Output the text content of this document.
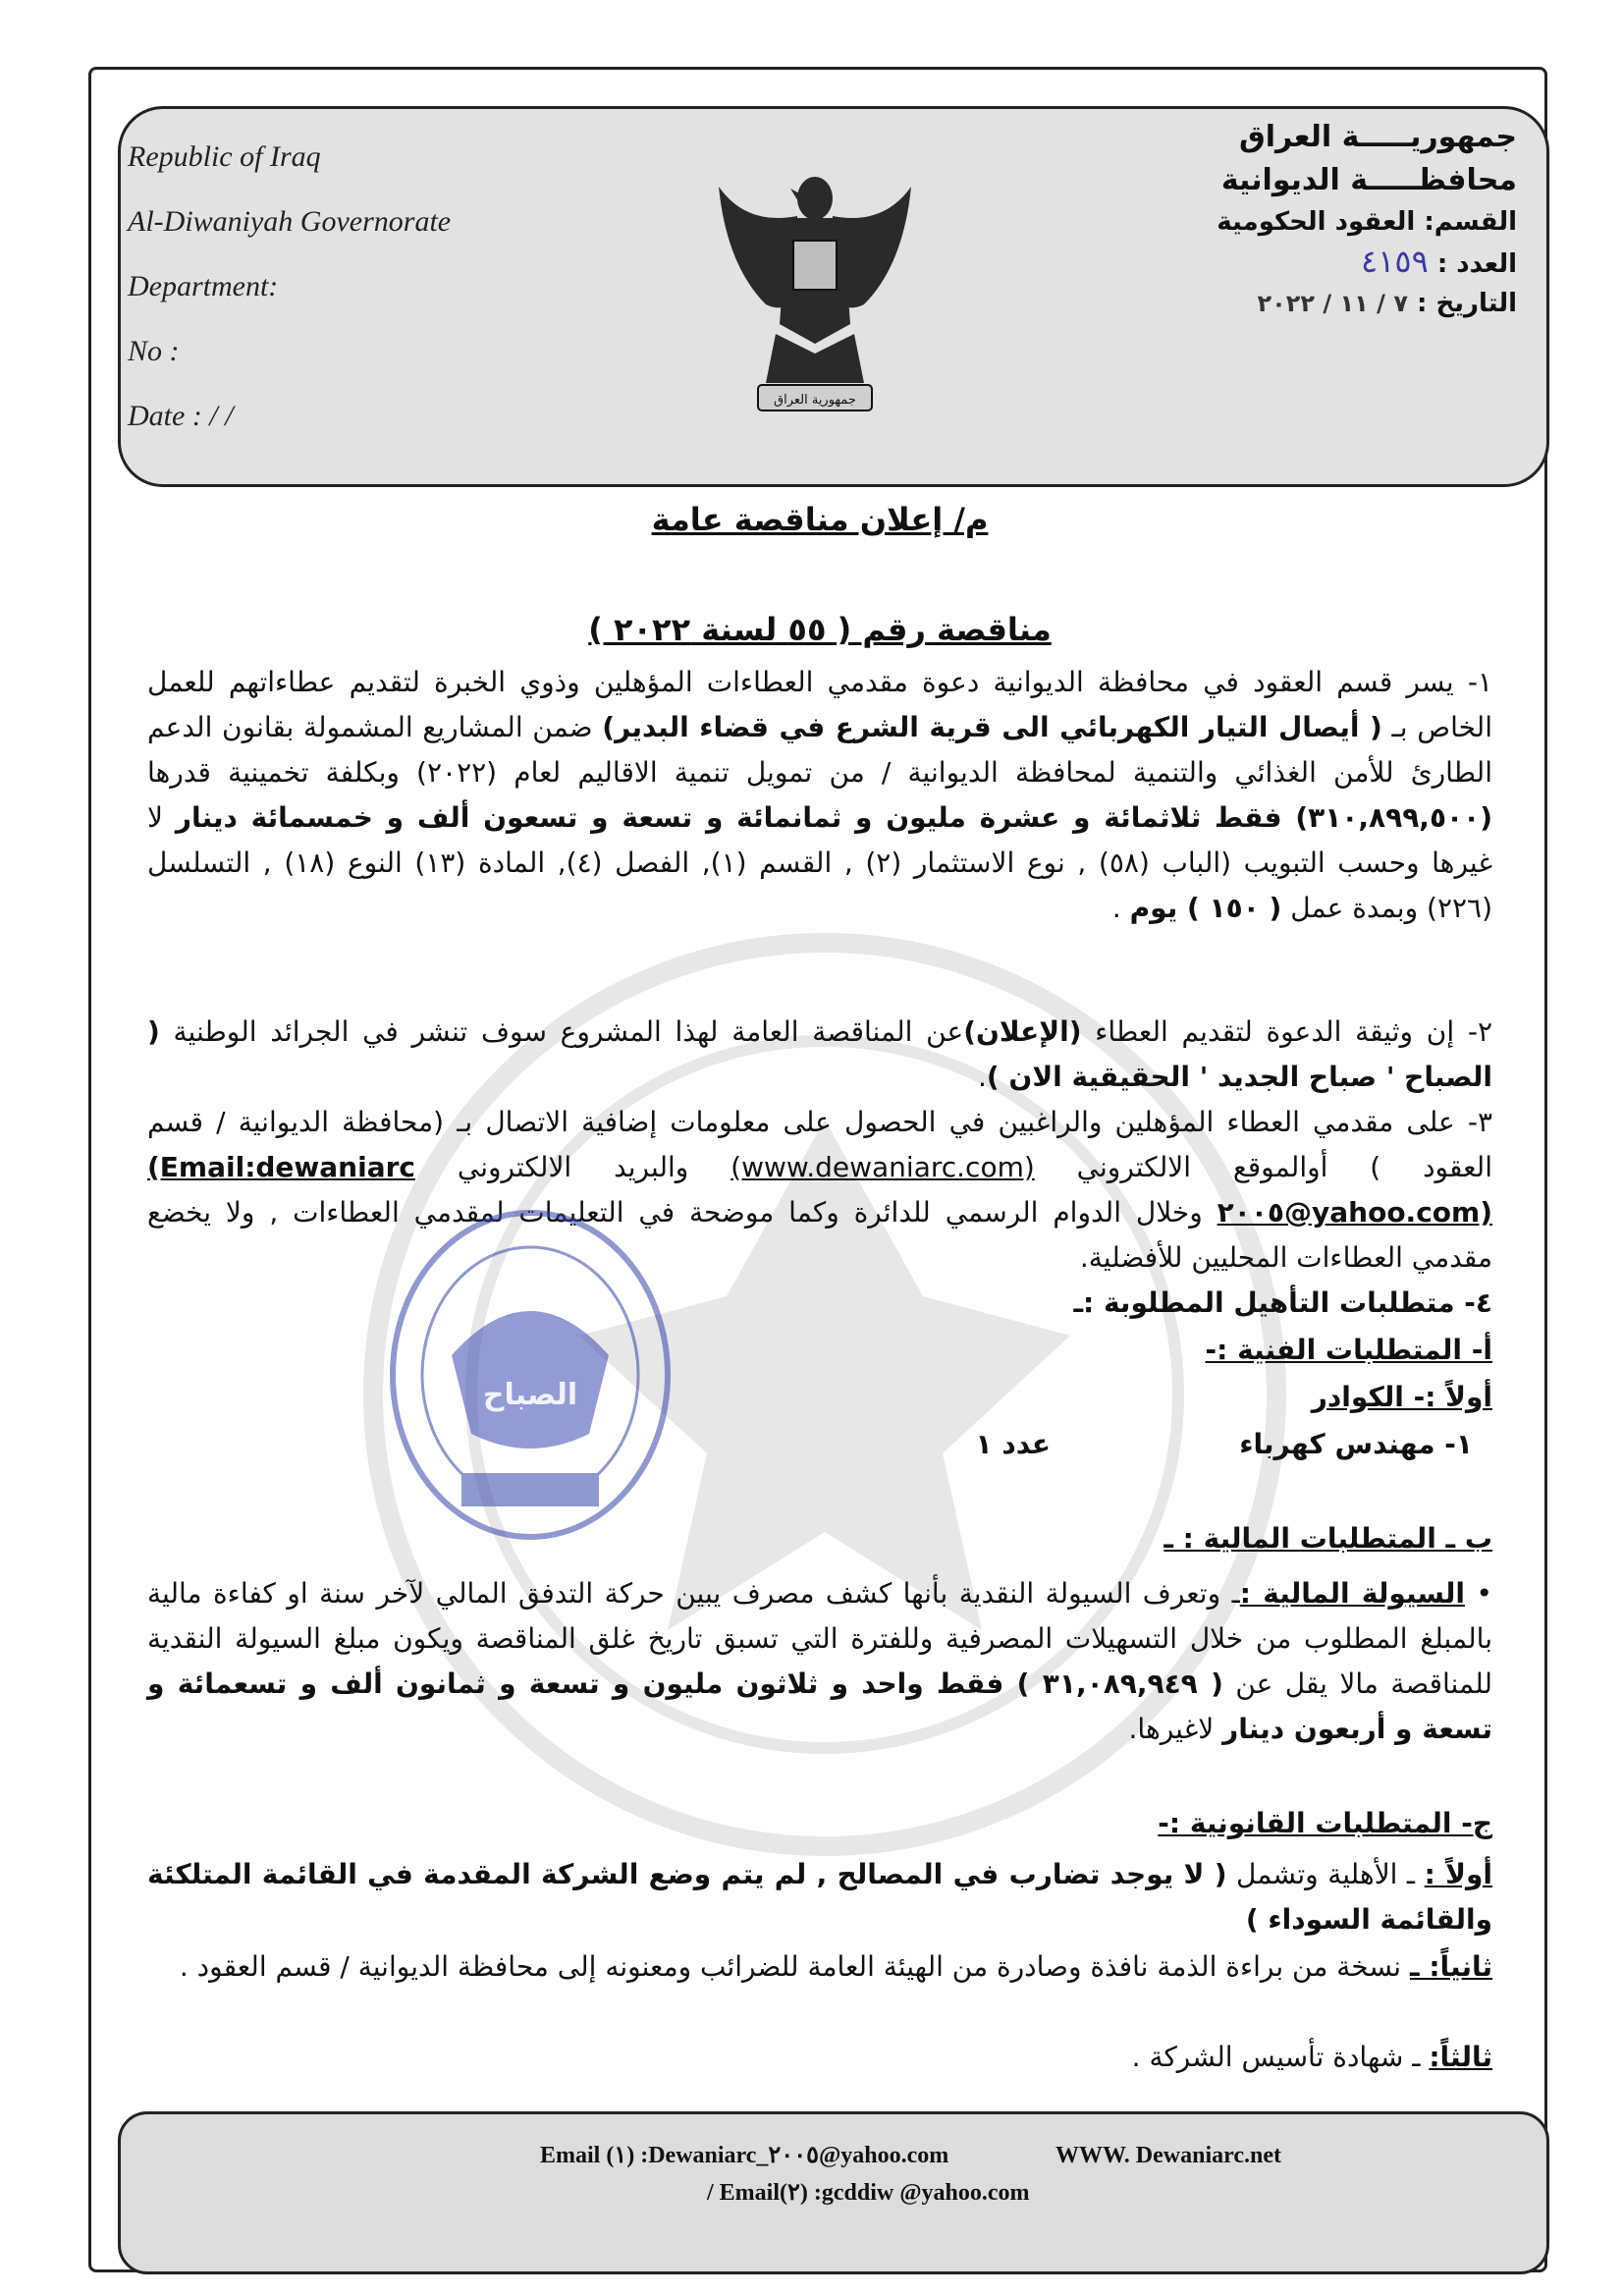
Republic of Iraq
Al-Diwaniyah Governorate
Department:
No :
Date : / /	جمهورية العراق
جمهوريـــــة العراق
محافظـــــة الديوانية
القسم: العقود الحكومية
العدد : ٤١٥٩
التاريخ : ٧ / ١١ / ٢٠٢٢
م/ إعلان مناقصة عامة
مناقصة رقم ( ٥٥ لسنة ٢٠٢٢ )
١- يسر قسم العقود في محافظة الديوانية دعوة مقدمي العطاءات المؤهلين وذوي الخبرة لتقديم عطاءاتهم للعمل الخاص بـ ( أيصال التيار الكهربائي الى قرية الشرع في قضاء البدير) ضمن المشاريع المشمولة بقانون الدعم الطارئ للأمن الغذائي والتنمية لمحافظة الديوانية / من تمويل تنمية الاقاليم لعام (٢٠٢٢) وبكلفة تخمينية قدرها (٣١٠,٨٩٩,٥٠٠) فقط ثلاثمائة و عشرة مليون و ثمانمائة و تسعة و تسعون ألف و خمسمائة دينار لا غيرها وحسب التبويب (الباب (٥٨) , نوع الاستثمار (٢) , القسم (١), الفصل (٤), المادة (١٣) النوع (١٨) , التسلسل (٢٢٦) وبمدة عمل ( ١٥٠ ) يوم .
٢- إن وثيقة الدعوة لتقديم العطاء (الإعلان)عن المناقصة العامة لهذا المشروع سوف تنشر في الجرائد الوطنية ( الصباح ' صباح الجديد ' الحقيقية الان ).
٣- على مقدمي العطاء المؤهلين والراغبين في الحصول على معلومات إضافية الاتصال بـ (محافظة الديوانية / قسم العقود ) أوالموقع الالكتروني (www.dewaniarc.com) والبريد الالكتروني (Email:dewaniarc ٢٠٠٥@yahoo.com) وخلال الدوام الرسمي للدائرة وكما موضحة في التعليمات لمقدمي العطاءات , ولا يخضع مقدمي العطاءات المحليين للأفضلية.
٤- متطلبات التأهيل المطلوبة :ـ
أ- المتطلبات الفنية :-
أولاً :- الكوادر
١- مهندس كهرباء
عدد ١
ب ـ المتطلبات المالية : ـ
• السيولة المالية :ـ وتعرف السيولة النقدية بأنها كشف مصرف يبين حركة التدفق المالي لآخر سنة او كفاءة مالية بالمبلغ المطلوب من خلال التسهيلات المصرفية وللفترة التي تسبق تاريخ غلق المناقصة ويكون مبلغ السيولة النقدية للمناقصة مالا يقل عن ( ٣١,٠٨٩,٩٤٩ ) فقط واحد و ثلاثون مليون و تسعة و ثمانون ألف و تسعمائة و تسعة و أربعون دينار لاغيرها.
ج- المتطلبات القانونية :-
أولاً : ـ الأهلية وتشمل ( لا يوجد تضارب في المصالح , لم يتم وضع الشركة المقدمة في القائمة المتلكئة والقائمة السوداء )
ثانياً: ـ نسخة من براءة الذمة نافذة وصادرة من الهيئة العامة للضرائب ومعنونه إلى محافظة الديوانية / قسم العقود .
ثالثاً: ـ شهادة تأسيس الشركة .
الصباح
Email (١) :Dewaniarc_٢٠٠٥@yahoo.com	WWW. Dewaniarc.net
/ Email(٢) :gcddiw @yahoo.com
